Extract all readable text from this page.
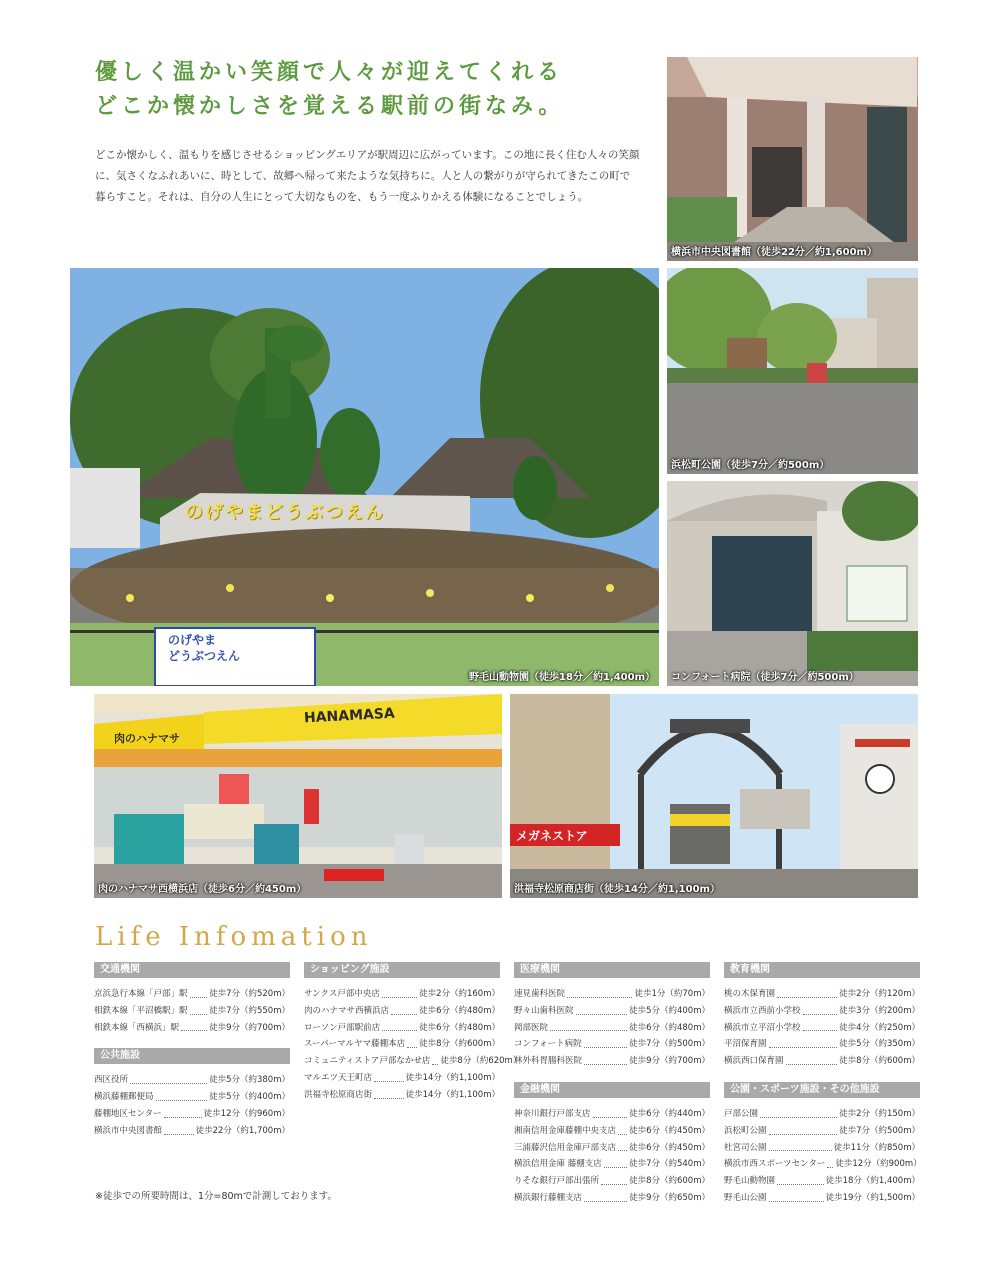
優しく温かい笑顔で人々が迎えてくれる
どこか懐かしさを覚える駅前の街なみ。
どこか懐かしく、温もりを感じさせるショッピングエリアが駅周辺に広がっています。この地に長く住む人々の笑顔に、気さくなふれあいに、時として、故郷へ帰って来たような気持ちに。人と人の繋がりが守られてきたこの町で暮らすこと。それは、自分の人生にとって大切なものを、もう一度ふりかえる体験になることでしょう。
横浜市中央図書館（徒歩22分／約1,600m）
のげやまどうぶつえん
のげやま
どうぶつえん
野毛山動物園（徒歩18分／約1,400m）
浜松町公園（徒歩7分／約500m）
コンフォート病院（徒歩7分／約500m）
HANAMASA
肉のハナマサ
肉のハナマサ西横浜店（徒歩6分／約450m）
メガネストア
洪福寺松原商店街（徒歩14分／約1,100m）
Life Infomation
交通機関
京浜急行本線「戸部」駅	徒歩7分（約520m）
相鉄本線「平沼橋駅」駅	徒歩7分（約550m）
相鉄本線「西横浜」駅	徒歩9分（約700m）
公共施設
西区役所	徒歩5分（約380m）
横浜藤棚郵便局	徒歩5分（約400m）
藤棚地区センター	徒歩12分（約960m）
横浜市中央図書館	徒歩22分（約1,700m）
ショッピング施設
サンクス戸部中央店	徒歩2分（約160m）
肉のハナマサ西横浜店	徒歩6分（約480m）
ローソン戸部駅前店	徒歩6分（約480m）
スーパーマルヤマ藤棚本店 徒歩8分（約600m）
コミュニティストア戸部なかせ店 徒歩8分（約620m）
マルエツ天王町店	徒歩14分（約1,100m）
洪福寺松原商店街	徒歩14分（約1,100m）
医療機関
速見歯科医院	徒歩1分（約70m）
野々山歯科医院	徒歩5分（約400m）
岡部医院	徒歩6分（約480m）
コンフォート病院	徒歩7分（約500m）
林外科胃腸科医院	徒歩9分（約700m）
金融機関
神奈川銀行戸部支店	徒歩6分（約440m）
湘南信用金庫藤棚中央支店 徒歩6分（約450m）
三浦藤沢信用金庫戸部支店 徒歩6分（約450m）
横浜信用金庫 藤棚支店	徒歩7分（約540m）
りそな銀行戸部出張所	徒歩8分（約600m）
横浜銀行藤棚支店	徒歩9分（約650m）
教育機関
桃の木保育園	徒歩2分（約120m）
横浜市立西前小学校	徒歩3分（約200m）
横浜市立平沼小学校	徒歩4分（約250m）
平沼保育園	徒歩5分（約350m）
横浜西口保育園	徒歩8分（約600m）
公園・スポーツ施設・その他施設
戸部公園	徒歩2分（約150m）
浜松町公園	徒歩7分（約500m）
杜宮司公園	徒歩11分（約850m）
横浜市西スポーツセンター 徒歩12分（約900m）
野毛山動物園	徒歩18分（約1,400m）
野毛山公園	徒歩19分（約1,500m）
※徒歩での所要時間は、1分=80mで計測しております。
